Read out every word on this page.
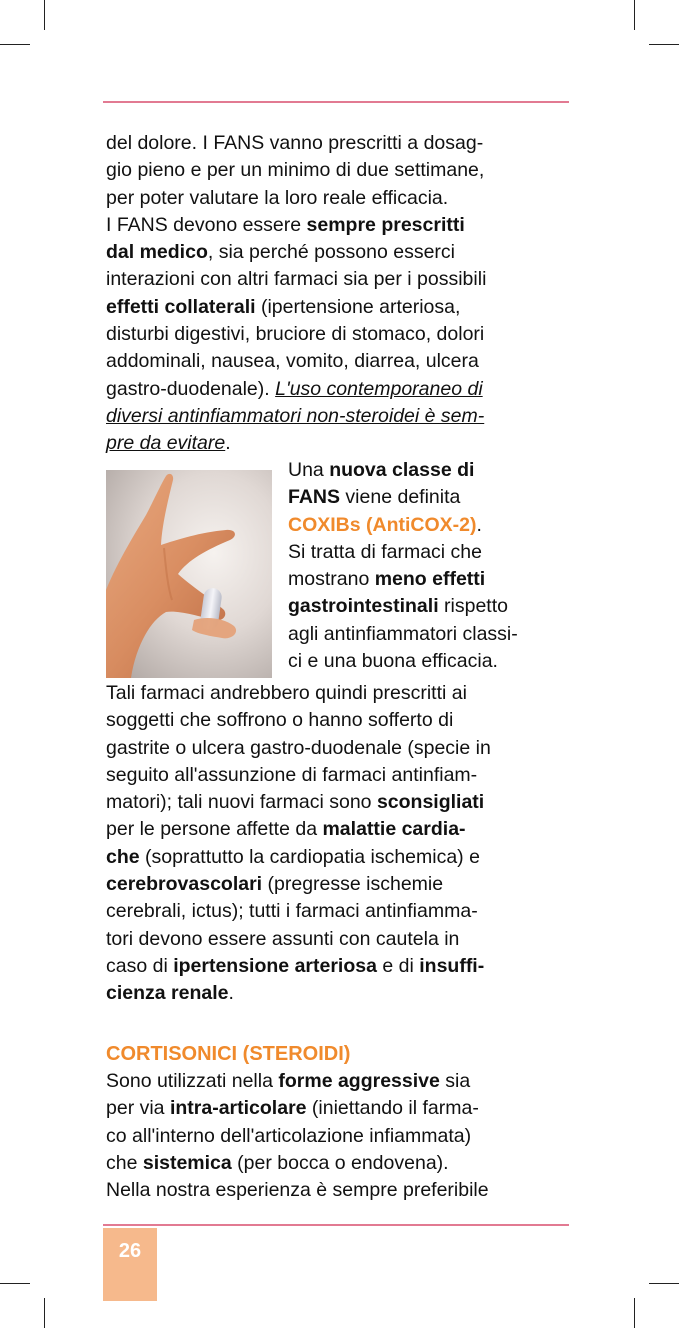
del dolore. I FANS vanno prescritti a dosag-
gio pieno e per un minimo di due settimane,
per poter valutare la loro reale efficacia.
I FANS devono essere sempre prescritti
dal medico, sia perché possono esserci
interazioni con altri farmaci sia per i possibili
effetti collaterali (ipertensione arteriosa,
disturbi digestivi, bruciore di stomaco, dolori
addominali, nausea, vomito, diarrea, ulcera
gastro-duodenale). L'uso contemporaneo di
diversi antinfiammatori non-steroidei è sem-
pre da evitare.
Una nuova classe di
FANS viene definita
COXIBs (AntiCOX-2).
Si tratta di farmaci che
mostrano meno effetti
gastrointestinali rispetto
agli antinfiammatori classi-
ci e una buona efficacia.
Tali farmaci andrebbero quindi prescritti ai
soggetti che soffrono o hanno sofferto di
gastrite o ulcera gastro-duodenale (specie in
seguito all'assunzione di farmaci antinfiam-
matori); tali nuovi farmaci sono sconsigliati
per le persone affette da malattie cardia-
che (soprattutto la cardiopatia ischemica) e
cerebrovascolari (pregresse ischemie
cerebrali, ictus); tutti i farmaci antinfiamma-
tori devono essere assunti con cautela in
caso di ipertensione arteriosa e di insuffi-
cienza renale.
CORTISONICI (STEROIDI)
Sono utilizzati nella forme aggressive sia
per via intra-articolare (iniettando il farma-
co all'interno dell'articolazione infiammata)
che sistemica (per bocca o endovena).
Nella nostra esperienza è sempre preferibile
26
